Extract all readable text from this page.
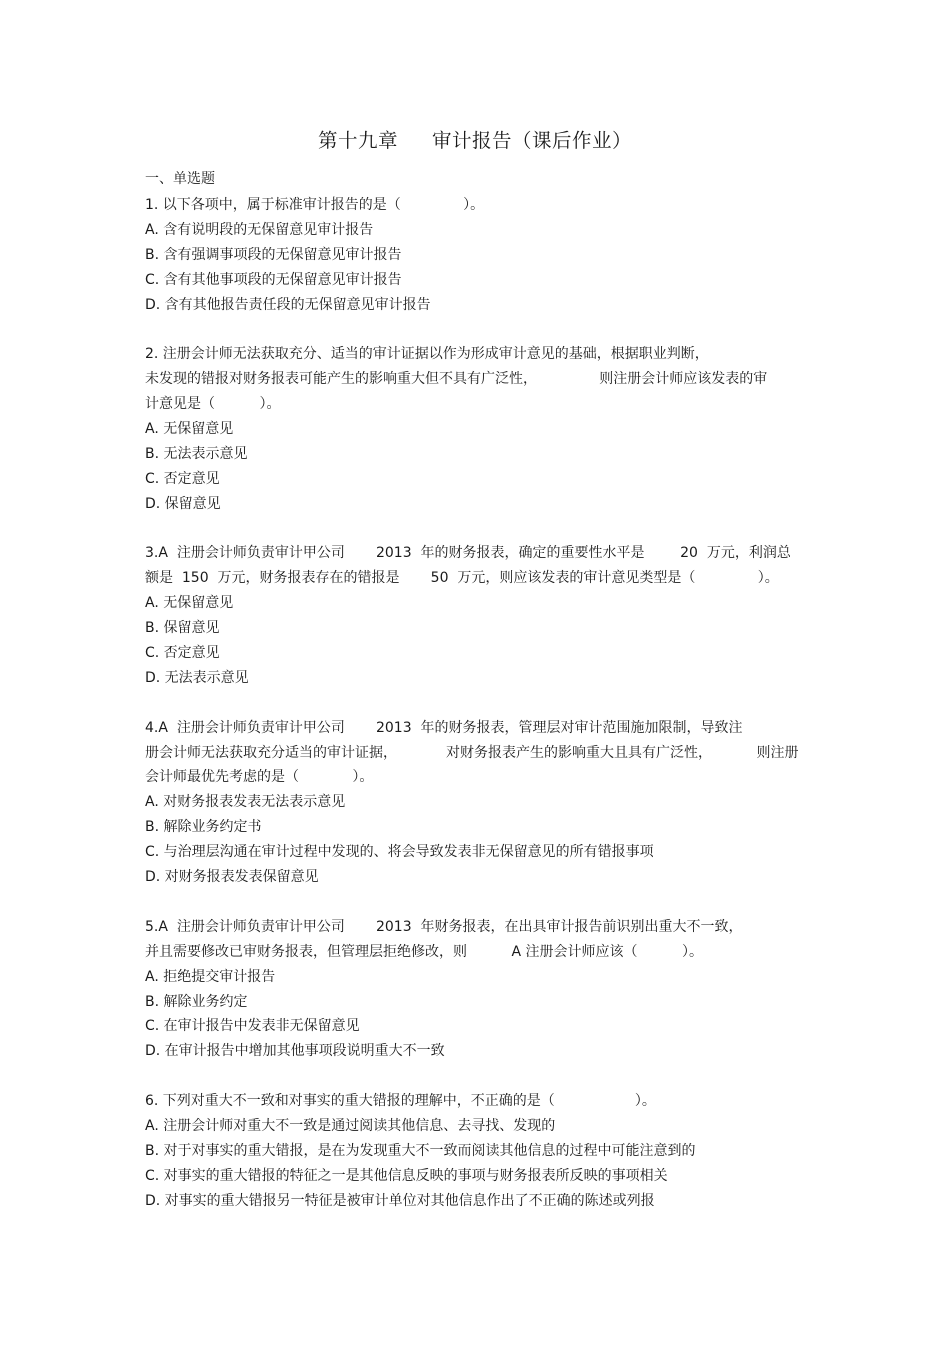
第十九章 审计报告（课后作业）
一、单选题
1. 以下各项中，属于标准审计报告的是（              ）。
A. 含有说明段的无保留意见审计报告
B. 含有强调事项段的无保留意见审计报告
C. 含有其他事项段的无保留意见审计报告
D. 含有其他报告责任段的无保留意见审计报告
2. 注册会计师无法获取充分、适当的审计证据以作为形成审计意见的基础，根据职业判断，
未发现的错报对财务报表可能产生的影响重大但不具有广泛性，              则注册会计师应该发表的审
计意见是（          ）。
A. 无保留意见
B. 无法表示意见
C. 否定意见
D. 保留意见
3.A  注册会计师负责审计甲公司       2013  年的财务报表，确定的重要性水平是        20  万元，利润总
额是  150  万元，财务报表存在的错报是       50  万元，则应该发表的审计意见类型是（              ）。
A. 无保留意见
B. 保留意见
C. 否定意见
D. 无法表示意见
4.A  注册会计师负责审计甲公司       2013  年的财务报表，管理层对审计范围施加限制，导致注
册会计师无法获取充分适当的审计证据，           对财务报表产生的影响重大且具有广泛性，          则注册
会计师最优先考虑的是（            ）。
A. 对财务报表发表无法表示意见
B. 解除业务约定书
C. 与治理层沟通在审计过程中发现的、将会导致发表非无保留意见的所有错报事项
D. 对财务报表发表保留意见
5.A  注册会计师负责审计甲公司       2013  年财务报表，在出具审计报告前识别出重大不一致，
并且需要修改已审财务报表，但管理层拒绝修改，则          A 注册会计师应该（          ）。
A. 拒绝提交审计报告
B. 解除业务约定
C. 在审计报告中发表非无保留意见
D. 在审计报告中增加其他事项段说明重大不一致
6. 下列对重大不一致和对事实的重大错报的理解中，不正确的是（                  ）。
A. 注册会计师对重大不一致是通过阅读其他信息、去寻找、发现的
B. 对于对事实的重大错报，是在为发现重大不一致而阅读其他信息的过程中可能注意到的
C. 对事实的重大错报的特征之一是其他信息反映的事项与财务报表所反映的事项相关
D. 对事实的重大错报另一特征是被审计单位对其他信息作出了不正确的陈述或列报
